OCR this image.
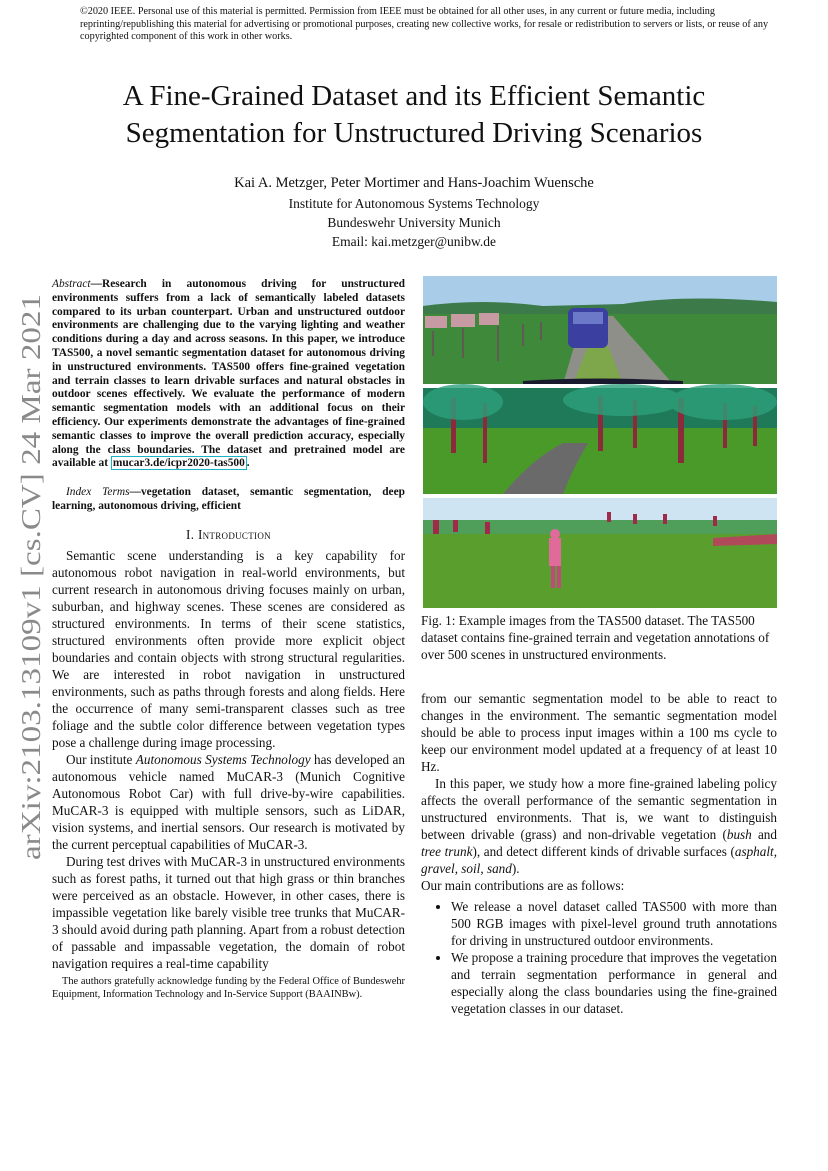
©2020 IEEE. Personal use of this material is permitted. Permission from IEEE must be obtained for all other uses, in any current or future media, including reprinting/republishing this material for advertising or promotional purposes, creating new collective works, for resale or redistribution to servers or lists, or reuse of any copyrighted component of this work in other works.
A Fine-Grained Dataset and its Efficient Semantic
Segmentation for Unstructured Driving Scenarios
Kai A. Metzger, Peter Mortimer and Hans-Joachim Wuensche
Institute for Autonomous Systems Technology
Bundeswehr University Munich
Email: kai.metzger@unibw.de
arXiv:2103.13109v1 [cs.CV] 24 Mar 2021
Abstract—Research in autonomous driving for unstructured environments suffers from a lack of semantically labeled datasets compared to its urban counterpart. Urban and unstructured outdoor environments are challenging due to the varying lighting and weather conditions during a day and across seasons. In this paper, we introduce TAS500, a novel semantic segmentation dataset for autonomous driving in unstructured environments. TAS500 offers fine-grained vegetation and terrain classes to learn drivable surfaces and natural obstacles in outdoor scenes effectively. We evaluate the performance of modern semantic segmentation models with an additional focus on their efficiency. Our experiments demonstrate the advantages of fine-grained semantic classes to improve the overall prediction accuracy, especially along the class boundaries. The dataset and pretrained model are available at mucar3.de/icpr2020-tas500 .
Index Terms—vegetation dataset, semantic segmentation, deep learning, autonomous driving, efficient
I. Introduction

Semantic scene understanding is a key capability for autonomous robot navigation in real-world environments, but current research in autonomous driving focuses mainly on urban, suburban, and highway scenes. These scenes are considered as structured environments. In terms of their scene statistics, structured environments often provide more explicit object boundaries and contain objects with strong structural regularities. We are interested in robot navigation in unstructured environments, such as paths through forests and along fields. Here the occurrence of many semi-transparent classes such as tree foliage and the subtle color difference between vegetation types pose a challenge during image processing.

Our institute Autonomous Systems Technology has developed an autonomous vehicle named MuCAR-3 (Munich Cognitive Autonomous Robot Car) with full drive-by-wire capabilities. MuCAR-3 is equipped with multiple sensors, such as LiDAR, vision systems, and inertial sensors. Our research is motivated by the current perceptual capabilities of MuCAR-3.

During test drives with MuCAR-3 in unstructured environments such as forest paths, it turned out that high grass or thin branches were perceived as an obstacle. However, in other cases, there is impassible vegetation like barely visible tree trunks that MuCAR-3 should avoid during path planning. Apart from a robust detection of passable and impassable vegetation, the domain of robot navigation requires a real-time capability

The authors gratefully acknowledge funding by the Federal Office of Bundeswehr Equipment, Information Technology and In-Service Support (BAAINBw).

Fig. 1: Example images from the TAS500 dataset. The TAS500 dataset contains fine-grained terrain and vegetation annotations of over 500 scenes in unstructured environments.

from our semantic segmentation model to be able to react to changes in the environment. The semantic segmentation model should be able to process input images within a 100 ms cycle to keep our environment model updated at a frequency of at least 10 Hz.

In this paper, we study how a more fine-grained labeling policy affects the overall performance of the semantic segmentation in unstructured environments. That is, we want to distinguish between drivable (grass) and non-drivable vegetation (bush and tree trunk), and detect different kinds of drivable surfaces (asphalt, gravel, soil, sand).

Our main contributions are as follows:

• We release a novel dataset called TAS500 with more than 500 RGB images with pixel-level ground truth annotations for driving in unstructured outdoor environments.
• We propose a training procedure that improves the vegetation and terrain segmentation performance in general and especially along the class boundaries using the fine-grained vegetation classes in our dataset.
